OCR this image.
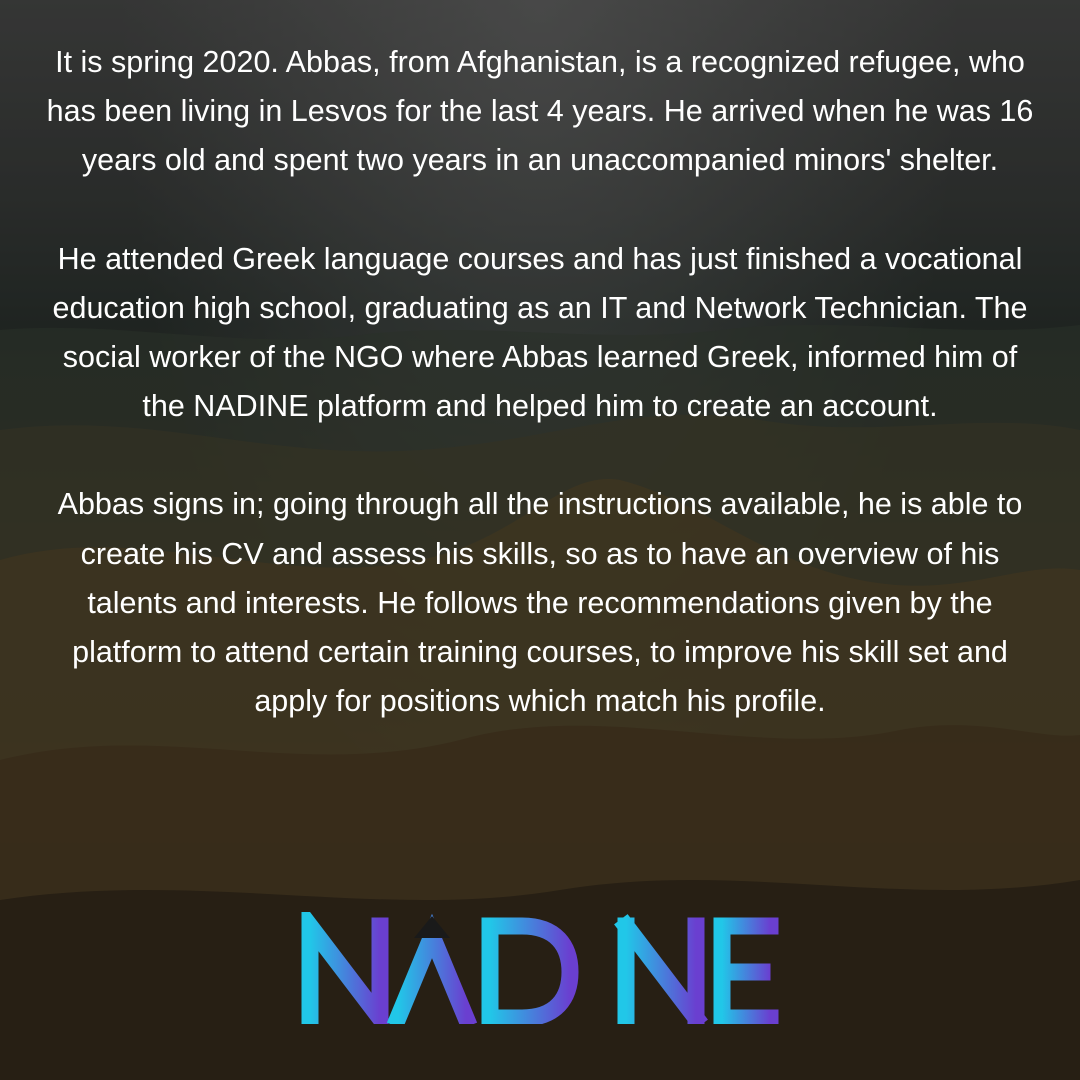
It is spring 2020. Abbas, from Afghanistan, is a recognized refugee, who has been living in Lesvos for the last 4 years. He arrived when he was 16 years old and spent two years in an unaccompanied minors' shelter.

He attended Greek language courses and has just finished a vocational education high school, graduating as an IT and Network Technician. The social worker of the NGO where Abbas learned Greek, informed him of the NADINE platform and helped him to create an account.

Abbas signs in; going through all the instructions available, he is able to create his CV and assess his skills, so as to have an overview of his talents and interests. He follows the recommendations given by the platform to attend certain training courses, to improve his skill set and apply for positions which match his profile.
